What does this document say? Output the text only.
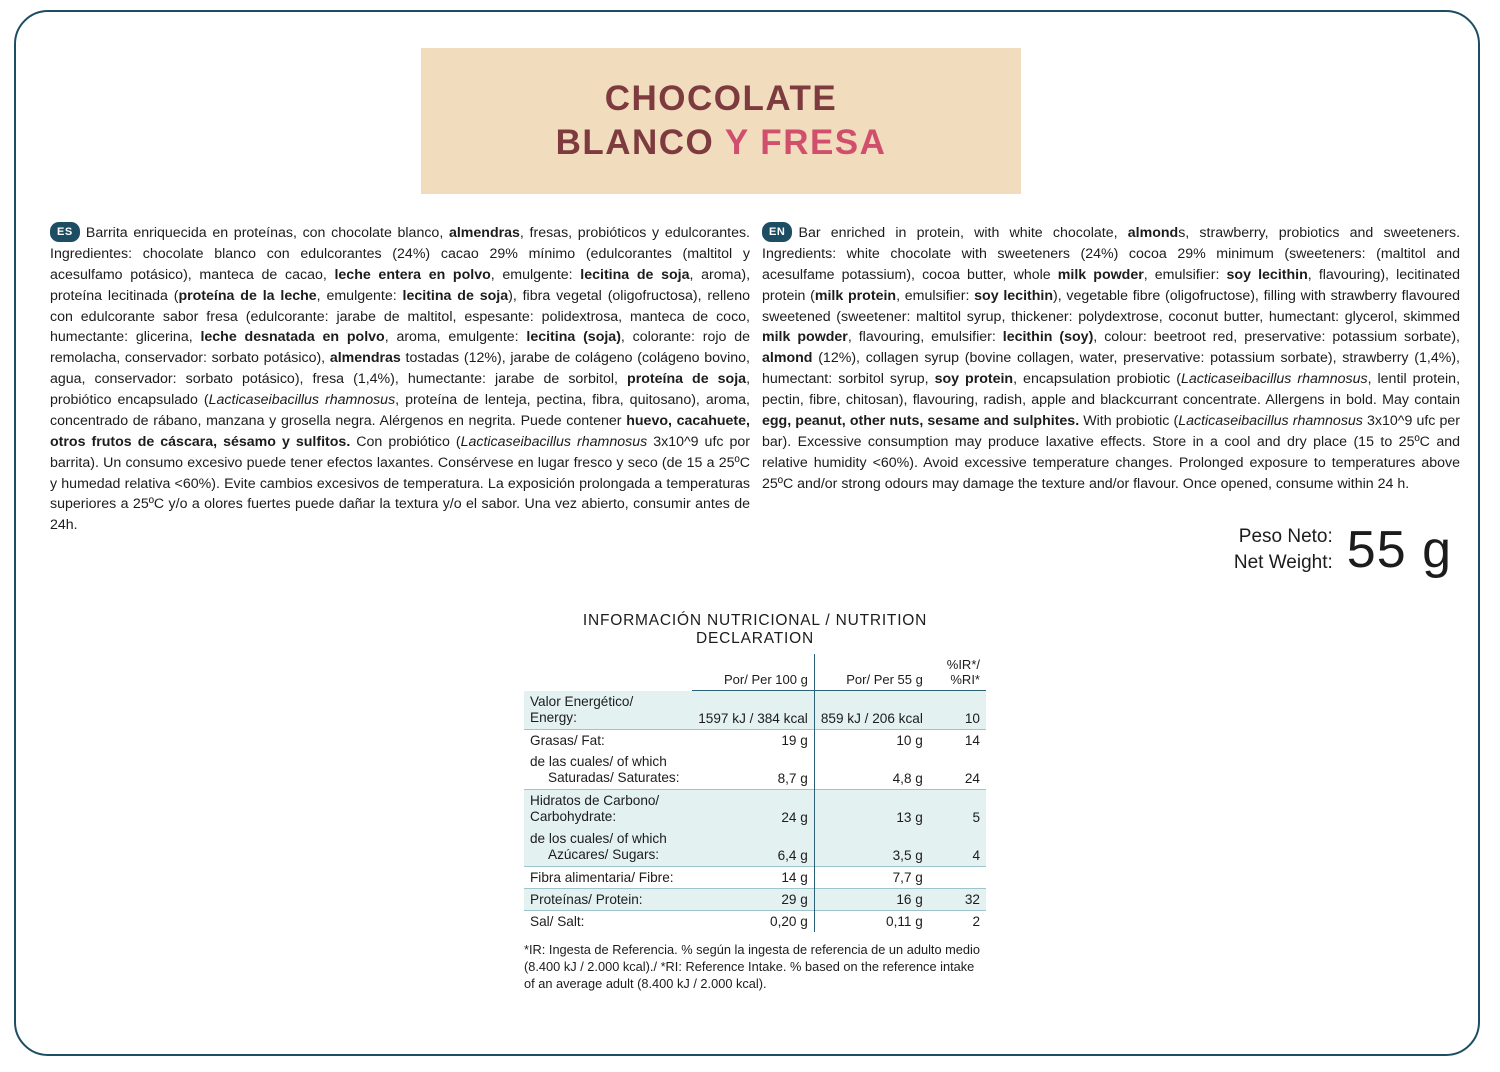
CHOCOLATE
BLANCO Y FRESA

ES Barrita enriquecida en proteínas, con chocolate blanco, almendras, fresas, probióticos y edulcorantes. Ingredientes: chocolate blanco con edulcorantes (24%) cacao 29% mínimo (edulcorantes (maltitol y acesulfamo potásico), manteca de cacao, leche entera en polvo, emulgente: lecitina de soja, aroma), proteína lecitinada (proteína de la leche, emulgente: lecitina de soja), fibra vegetal (oligofructosa), relleno con edulcorante sabor fresa (edulcorante: jarabe de maltitol, espesante: polidextrosa, manteca de coco, humectante: glicerina, leche desnatada en polvo, aroma, emulgente: lecitina (soja), colorante: rojo de remolacha, conservador: sorbato potásico), almendras tostadas (12%), jarabe de colágeno (colágeno bovino, agua, conservador: sorbato potásico), fresa (1,4%), humectante: jarabe de sorbitol, proteína de soja, probiótico encapsulado (Lacticaseibacillus rhamnosus, proteína de lenteja, pectina, fibra, quitosano), aroma, concentrado de rábano, manzana y grosella negra. Alérgenos en negrita. Puede contener huevo, cacahuete, otros frutos de cáscara, sésamo y sulfitos. Con probiótico (Lacticaseibacillus rhamnosus 3x10^9 ufc por barrita). Un consumo excesivo puede tener efectos laxantes. Consérvese en lugar fresco y seco (de 15 a 25ºC y humedad relativa <60%). Evite cambios excesivos de temperatura. La exposición prolongada a temperaturas superiores a 25ºC y/o a olores fuertes puede dañar la textura y/o el sabor. Una vez abierto, consumir antes de 24h.

EN Bar enriched in protein, with white chocolate, almonds, strawberry, probiotics and sweeteners. Ingredients: white chocolate with sweeteners (24%) cocoa 29% minimum (sweeteners: (maltitol and acesulfame potassium), cocoa butter, whole milk powder, emulsifier: soy lecithin, flavouring), lecitinated protein (milk protein, emulsifier: soy lecithin), vegetable fibre (oligofructose), filling with strawberry flavoured sweetened (sweetener: maltitol syrup, thickener: polydextrose, coconut butter, humectant: glycerol, skimmed milk powder, flavouring, emulsifier: lecithin (soy), colour: beetroot red, preservative: potassium sorbate), almond (12%), collagen syrup (bovine collagen, water, preservative: potassium sorbate), strawberry (1,4%), humectant: sorbitol syrup, soy protein, encapsulation probiotic (Lacticaseibacillus rhamnosus, lentil protein, pectin, fibre, chitosan), flavouring, radish, apple and blackcurrant concentrate. Allergens in bold. May contain egg, peanut, other nuts, sesame and sulphites. With probiotic (Lacticaseibacillus rhamnosus 3x10^9 ufc per bar). Excessive consumption may produce laxative effects. Store in a cool and dry place (15 to 25ºC and relative humidity <60%). Avoid excessive temperature changes. Prolonged exposure to temperatures above 25ºC and/or strong odours may damage the texture and/or flavour. Once opened, consume within 24 h.

Peso Neto:
Net Weight: 55 g
INFORMACIÓN NUTRICIONAL / NUTRITION DECLARATION
	Por/ Per 100 g	Por/ Per 55 g	%IR*/ %RI*

Valor Energético/
Energy:	1597 kJ / 384 kcal	859 kJ / 206 kcal	10
Grasas/ Fat:	19 g	10 g	14

de las cuales/ of which
Saturadas/ Saturates:	8,7 g	4,8 g	24

Hidratos de Carbono/
Carbohydrate:	24 g	13 g	5

de los cuales/ of which
Azúcares/ Sugars:	6,4 g	3,5 g	4
Fibra alimentaria/ Fibre:	14 g	7,7 g	
Proteínas/ Protein:	29 g	16 g	32
Sal/ Salt:	0,20 g	0,11 g	2
*IR: Ingesta de Referencia. % según la ingesta de referencia de un adulto medio (8.400 kJ / 2.000 kcal)./ *RI: Reference Intake. % based on the reference intake of an average adult (8.400 kJ / 2.000 kcal).
